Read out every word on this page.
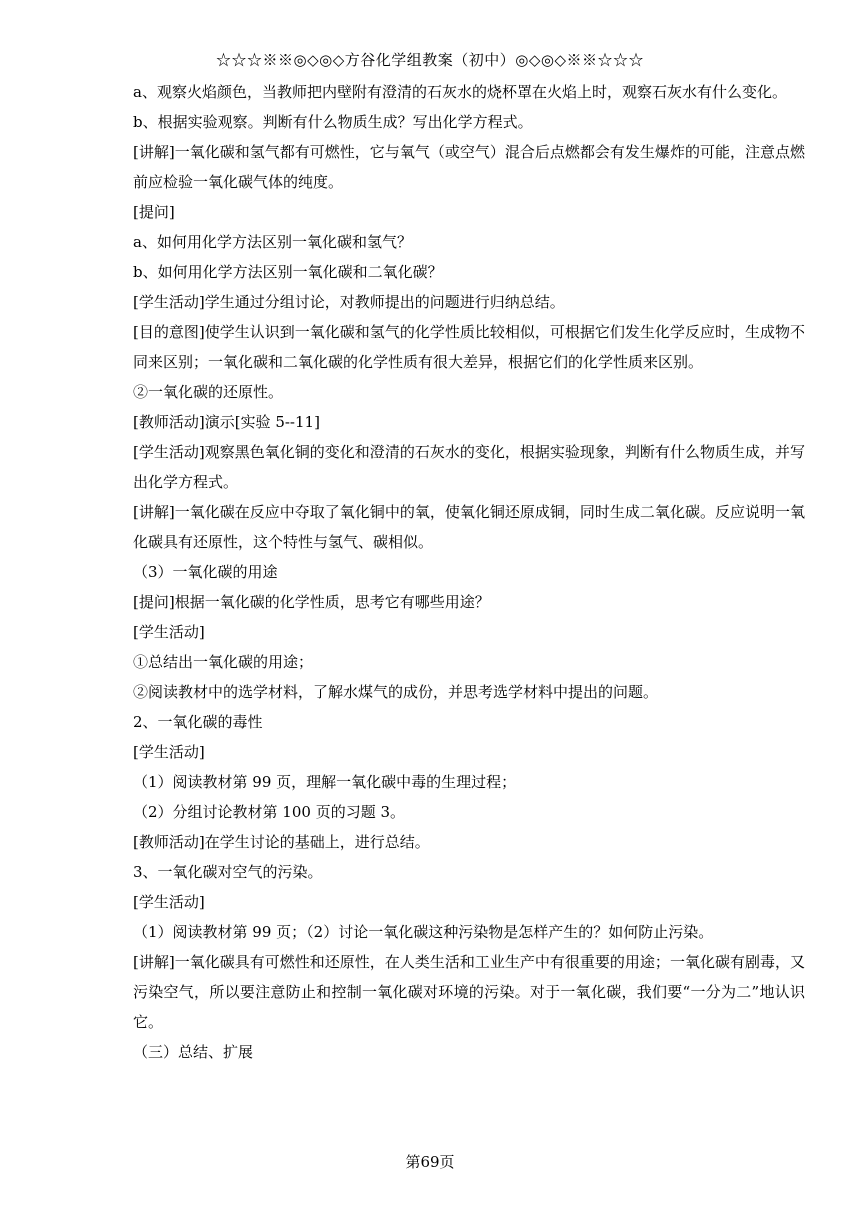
☆☆☆※※◎◇◎◇方谷化学组教案（初中）◎◇◎◇※※☆☆☆

a、观察火焰颜色，当教师把内壁附有澄清的石灰水的烧杯罩在火焰上时，观察石灰水有什么变化。

b、根据实验观察。判断有什么物质生成？写出化学方程式。

[讲解]一氧化碳和氢气都有可燃性，它与氧气（或空气）混合后点燃都会有发生爆炸的可能，注意点燃前应检验一氧化碳气体的纯度。

[提问]

a、如何用化学方法区别一氧化碳和氢气？

b、如何用化学方法区别一氧化碳和二氧化碳？

[学生活动]学生通过分组讨论，对教师提出的问题进行归纳总结。

[目的意图]使学生认识到一氧化碳和氢气的化学性质比较相似，可根据它们发生化学反应时，生成物不同来区别；一氧化碳和二氧化碳的化学性质有很大差异，根据它们的化学性质来区别。

②一氧化碳的还原性。

[教师活动]演示[实验 5--11]

[学生活动]观察黑色氧化铜的变化和澄清的石灰水的变化，根据实验现象，判断有什么物质生成，并写出化学方程式。

[讲解]一氧化碳在反应中夺取了氧化铜中的氧，使氧化铜还原成铜，同时生成二氧化碳。反应说明一氧化碳具有还原性，这个特性与氢气、碳相似。

（3）一氧化碳的用途

[提问]根据一氧化碳的化学性质，思考它有哪些用途？

[学生活动]

①总结出一氧化碳的用途；

②阅读教材中的选学材料，了解水煤气的成份，并思考选学材料中提出的问题。

2、一氧化碳的毒性

[学生活动]

（1）阅读教材第 99 页，理解一氧化碳中毒的生理过程；

（2）分组讨论教材第 100 页的习题 3。

[教师活动]在学生讨论的基础上，进行总结。

3、一氧化碳对空气的污染。

[学生活动]

（1）阅读教材第 99 页；（2）讨论一氧化碳这种污染物是怎样产生的？如何防止污染。

[讲解]一氧化碳具有可燃性和还原性，在人类生活和工业生产中有很重要的用途；一氧化碳有剧毒，又污染空气，所以要注意防止和控制一氧化碳对环境的污染。对于一氧化碳，我们要“一分为二”地认识它。

（三）总结、扩展

第69页
